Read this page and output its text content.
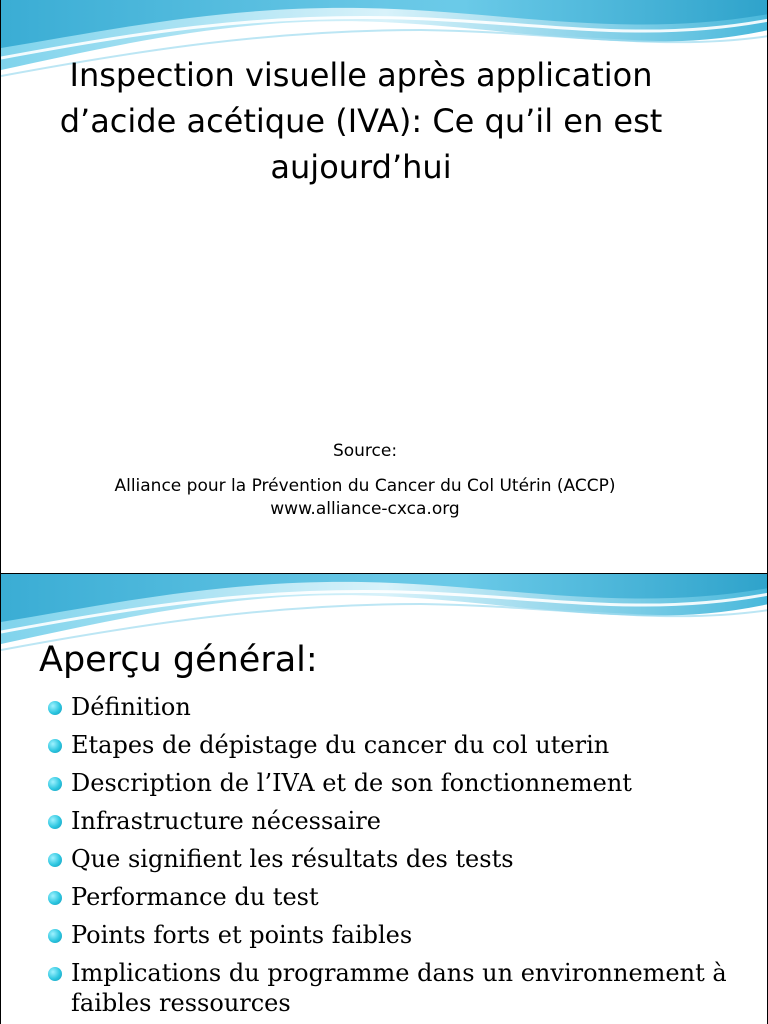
Inspection visuelle après application
d’acide acétique (IVA): Ce qu’il en est
aujourd’hui
Source:
Alliance pour la Prévention du Cancer du Col Utérin (ACCP)
www.alliance-cxca.org
Aperçu général:
Définition
Etapes de dépistage du cancer du col uterin
Description de l’IVA et de son fonctionnement
Infrastructure nécessaire
Que signifient les résultats des tests
Performance du test
Points forts et points faibles
Implications du programme dans un environnement à faibles ressources
